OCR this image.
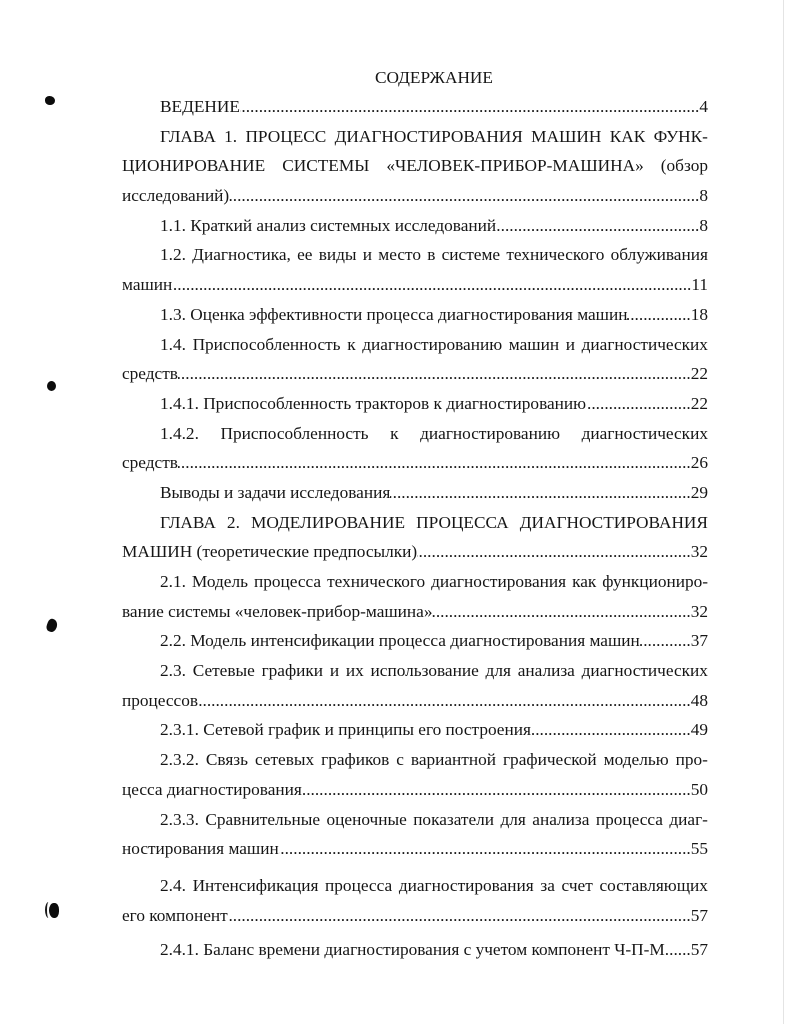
СОДЕРЖАНИЕ
ВЕДЕНИЕ .....	4
ГЛАВА 1. ПРОЦЕСС ДИАГНОСТИРОВАНИЯ МАШИН КАК ФУНК-
ЦИОНИРОВАНИЕ СИСТЕМЫ «ЧЕЛОВЕК-ПРИБОР-МАШИНА» (обзор
исследований) .....	8
1.1. Краткий анализ системных исследований .....	8
1.2. Диагностика, ее виды и место в системе технического облуживания
машин .....	11
1.3. Оценка эффективности процесса диагностирования машин .....	18
1.4. Приспособленность к диагностированию машин и диагностических
средств .....	22
1.4.1. Приспособленность тракторов к диагностированию .....	22
1.4.2. Приспособленность к диагностированию диагностических
средств .....	26
Выводы и задачи исследования .....	29
ГЛАВА 2. МОДЕЛИРОВАНИЕ ПРОЦЕССА ДИАГНОСТИРОВАНИЯ
МАШИН (теоретические предпосылки) .....	32
2.1. Модель процесса технического диагностирования как функциониро-
вание системы «человек-прибор-машина» .....	32
2.2. Модель интенсификации процесса диагностирования машин .....	37
2.3. Сетевые графики и их использование для анализа диагностических
процессов .....	48
2.3.1. Сетевой график и принципы его построения .....	49
2.3.2. Связь сетевых графиков с вариантной графической моделью про-
цесса диагностирования .....	50
2.3.3. Сравнительные оценочные показатели для анализа процесса диаг-
ностирования машин .....	55
2.4. Интенсификация процесса диагностирования за счет составляющих
его компонент .....	57
2.4.1. Баланс времени диагностирования с учетом компонент Ч-П-М ..... 57
